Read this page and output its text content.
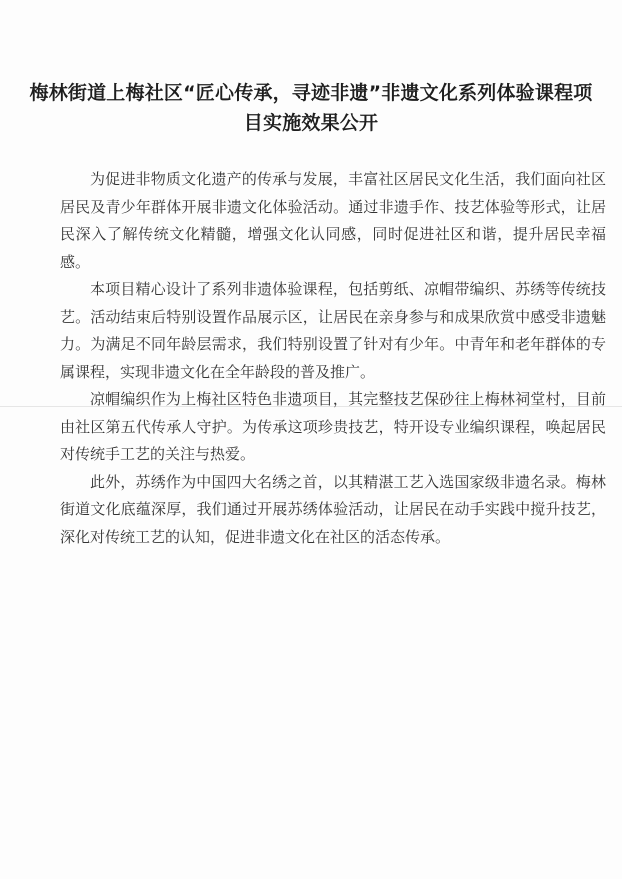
梅林街道上梅社区“匠心传承，寻迹非遗”非遗文化系列体验课程项目实施效果公开

为促进非物质文化遗产的传承与发展，丰富社区居民文化生活，我们面向社区居民及青少年群体开展非遗文化体验活动。通过非遗手作、技艺体验等形式，让居民深入了解传统文化精髓，增强文化认同感，同时促进社区和谐，提升居民幸福感。

本项目精心设计了系列非遗体验课程，包括剪纸、凉帽带编织、苏绣等传统技艺。活动结束后特别设置作品展示区，让居民在亲身参与和成果欣赏中感受非遗魅力。为满足不同年龄层需求，我们特别设置了针对有少年。中青年和老年群体的专属课程，实现非遗文化在全年龄段的普及推广。

凉帽编织作为上梅社区特色非遗项目，其完整技艺保砂往上梅林祠堂村，目前由社区第五代传承人守护。为传承这项珍贵技艺，特开设专业编织课程，唤起居民对传统手工艺的关注与热爱。

此外，苏绣作为中国四大名绣之首，以其精湛工艺入选国家级非遗名录。梅林街道文化底蕴深厚，我们通过开展苏绣体验活动，让居民在动手实践中搅升技艺，深化对传统工艺的认知，促进非遗文化在社区的活态传承。
